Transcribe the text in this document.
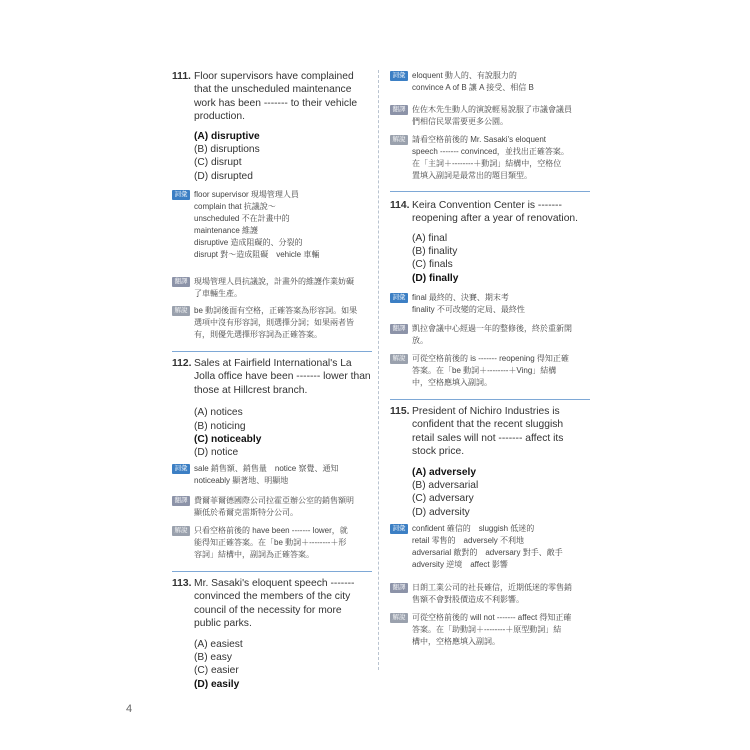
111. Floor supervisors have complained
that the unscheduled maintenance
work has been ------- to their vehicle
production.
(A) disruptive
(B) disruptions
(C) disrupt
(D) disrupted
詞彙 floor supervisor 現場管理人員
complain that 抗議說～
unscheduled 不在計畫中的
maintenance 維護
disruptive 造成阻礙的、分裂的
disrupt 對～造成阻礙　vehicle 車輛
翻譯 現場管理人員抗議說，計畫外的維護作業妨礙
了車輛生產。
解說 be 動詞後面有空格，正確答案為形容詞。如果
選項中沒有形容詞，則選擇分詞；如果兩者皆
有，則優先選擇形容詞為正確答案。
112. Sales at Fairfield International's La
Jolla office have been ------- lower than
those at Hillcrest branch.
(A) notices
(B) noticing
(C) noticeably
(D) notice
詞彙 sale 銷售額、銷售量　notice 察覺、通知
noticeably 顯著地、明顯地
翻譯 費爾菲爾德國際公司拉霍亞辦公室的銷售額明
顯低於希爾克雷斯特分公司。
解說 只看空格前後的 have been ------- lower，就
能得知正確答案。在「be 動詞＋--------＋形
容詞」結構中，副詞為正確答案。
113. Mr. Sasaki's eloquent speech -------
convinced the members of the city
council of the necessity for more
public parks.
(A) easiest
(B) easy
(C) easier
(D) easily
詞彙 eloquent 動人的、有說服力的
convince A of B 讓 A 接受、相信 B
翻譯 佐佐木先生動人的演說輕易說服了市議會議員
們相信民眾需要更多公園。
解說 請看空格前後的 Mr. Sasaki's eloquent
speech ------- convinced，並找出正確答案。
在「主詞＋--------＋動詞」結構中，空格位
置填入副詞是最常出的題目類型。
114. Keira Convention Center is -------
reopening after a year of renovation.
(A) final
(B) finality
(C) finals
(D) finally
詞彙 final 最終的、決賽、期末考
finality 不可改變的定局、最終性
翻譯 凱拉會議中心經過一年的整修後，終於重新開
放。
解說 可從空格前後的 is ------- reopening 得知正確
答案。在「be 動詞＋--------＋Ving」結構
中，空格應填入副詞。
115. President of Nichiro Industries is
confident that the recent sluggish
retail sales will not ------- affect its
stock price.
(A) adversely
(B) adversarial
(C) adversary
(D) adversity
詞彙 confident 確信的　sluggish 低迷的
retail 零售的　adversely 不利地
adversarial 敵對的　adversary 對手、敵手
adversity 逆境　affect 影響
翻譯 日朗工業公司的社長確信，近期低迷的零售銷
售額不會對股價造成不利影響。
解說 可從空格前後的 will not ------- affect 得知正確
答案。在「助動詞＋--------＋原型動詞」結
構中，空格應填入副詞。
4
